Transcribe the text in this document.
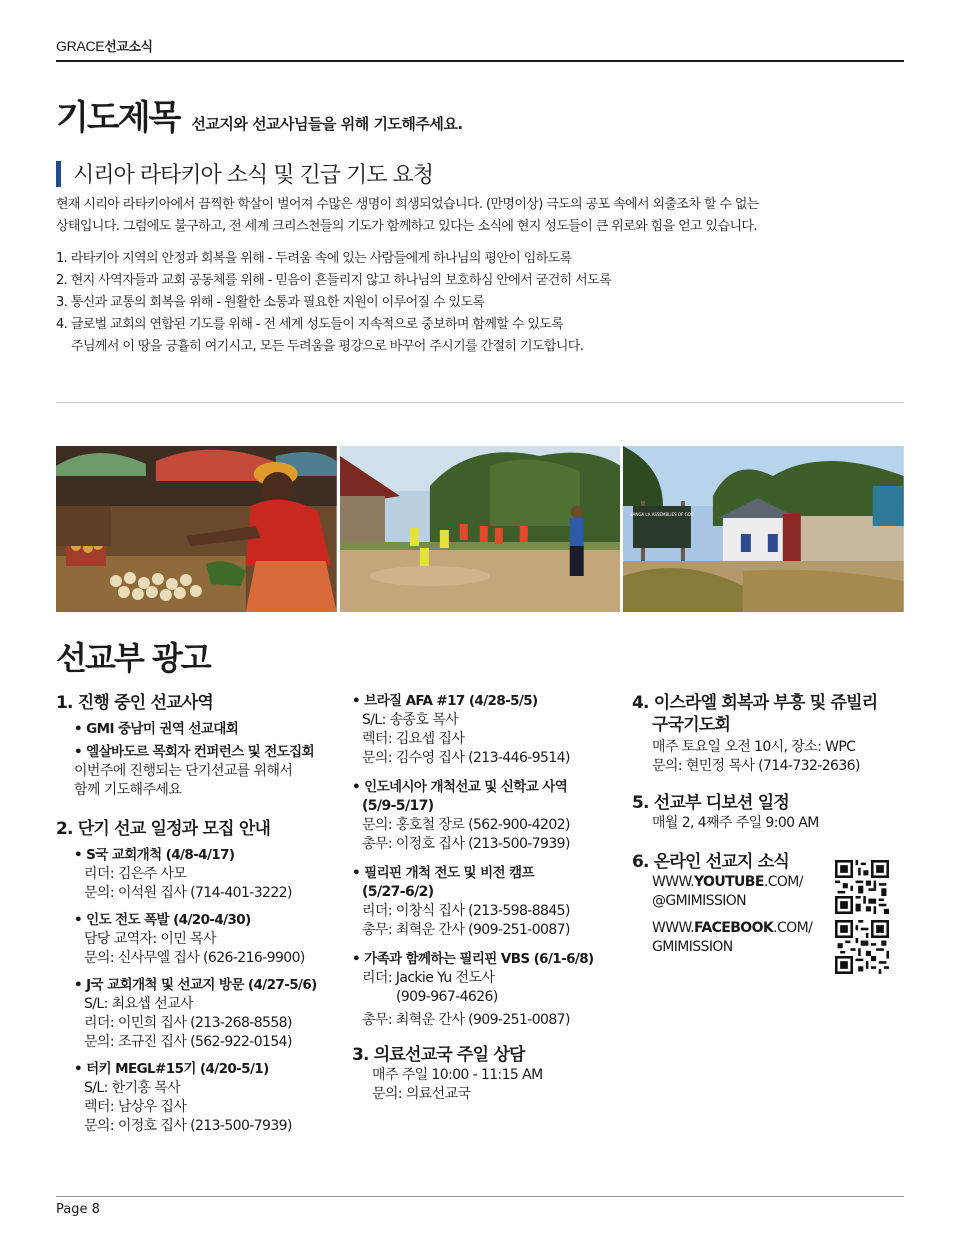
GRACE선교소식
기도제목 선교지와 선교사님들을 위해 기도해주세요.
시리아 라타키아 소식 및 긴급 기도 요청
현재 시리아 라타키아에서 끔찍한 학살이 벌어져 수많은 생명이 희생되었습니다. (만명이상) 극도의 공포 속에서 외출조차 할 수 없는
상태입니다. 그럼에도 불구하고, 전 세계 크리스천들의 기도가 함께하고 있다는 소식에 현지 성도들이 큰 위로와 힘을 얻고 있습니다.
1. 라타키아 지역의 안정과 회복을 위해 - 두려움 속에 있는 사람들에게 하나님의 평안이 임하도록
2. 현지 사역자들과 교회 공동체를 위해 - 믿음이 흔들리지 않고 하나님의 보호하심 안에서 굳건히 서도록
3. 통신과 교통의 회복을 위해 - 원활한 소통과 필요한 지원이 이루어질 수 있도록
4. 글로벌 교회의 연합된 기도를 위해 - 전 세계 성도들이 지속적으로 중보하며 함께할 수 있도록
주님께서 이 땅을 긍휼히 여기시고, 모든 두려움을 평강으로 바꾸어 주시기를 간절히 기도합니다.
SANGA LA ASSEMBLIES OF GOD
선교부 광고
1. 진행 중인 선교사역
• GMI 중남미 권역 선교대회
• 엘살바도르 목회자 컨퍼런스 및 전도집회
이번주에 진행되는 단기선교를 위해서
함께 기도해주세요
2. 단기 선교 일정과 모집 안내
• S국 교회개척 (4/8-4/17)
리더: 김은주 사모
문의: 이석원 집사 (714-401-3222)
• 인도 전도 폭발 (4/20-4/30)
담당 교역자: 이민 목사
문의: 신사무엘 집사 (626-216-9900)
• J국 교회개척 및 선교지 방문 (4/27-5/6)
S/L: 최요셉 선교사
리더: 이민희 집사 (213-268-8558)
문의: 조규진 집사 (562-922-0154)
• 터키 MEGL#15기 (4/20-5/1)
S/L: 한기홍 목사
렉터: 남상우 집사
문의: 이정호 집사 (213-500-7939)
• 브라질 AFA #17 (4/28-5/5)
S/L: 송종호 목사
렉터: 김요셉 집사
문의: 김수영 집사 (213-446-9514)
• 인도네시아 개척선교 및 신학교 사역
(5/9-5/17)
문의: 홍호철 장로 (562-900-4202)
총무: 이정호 집사 (213-500-7939)
• 필리핀 개척 전도 및 비전 캠프
(5/27-6/2)
리더: 이창식 집사 (213-598-8845)
총무: 최혁운 간사 (909-251-0087)
• 가족과 함께하는 필리핀 VBS (6/1-6/8)
리더: Jackie Yu 전도사
(909-967-4626)
총무: 최혁운 간사 (909-251-0087)
3. 의료선교국 주일 상담
매주 주일 10:00 - 11:15 AM
문의: 의료선교국
4. 이스라엘 회복과 부흥 및 쥬빌리
구국기도회
매주 토요일 오전 10시, 장소: WPC
문의: 현민정 목사 (714-732-2636)
5. 선교부 디보션 일정
매월 2, 4째주 주일 9:00 AM
6. 온라인 선교지 소식
WWW.YOUTUBE.COM/
@GMIMISSION
WWW.FACEBOOK.COM/
GMIMISSION
Page 8
